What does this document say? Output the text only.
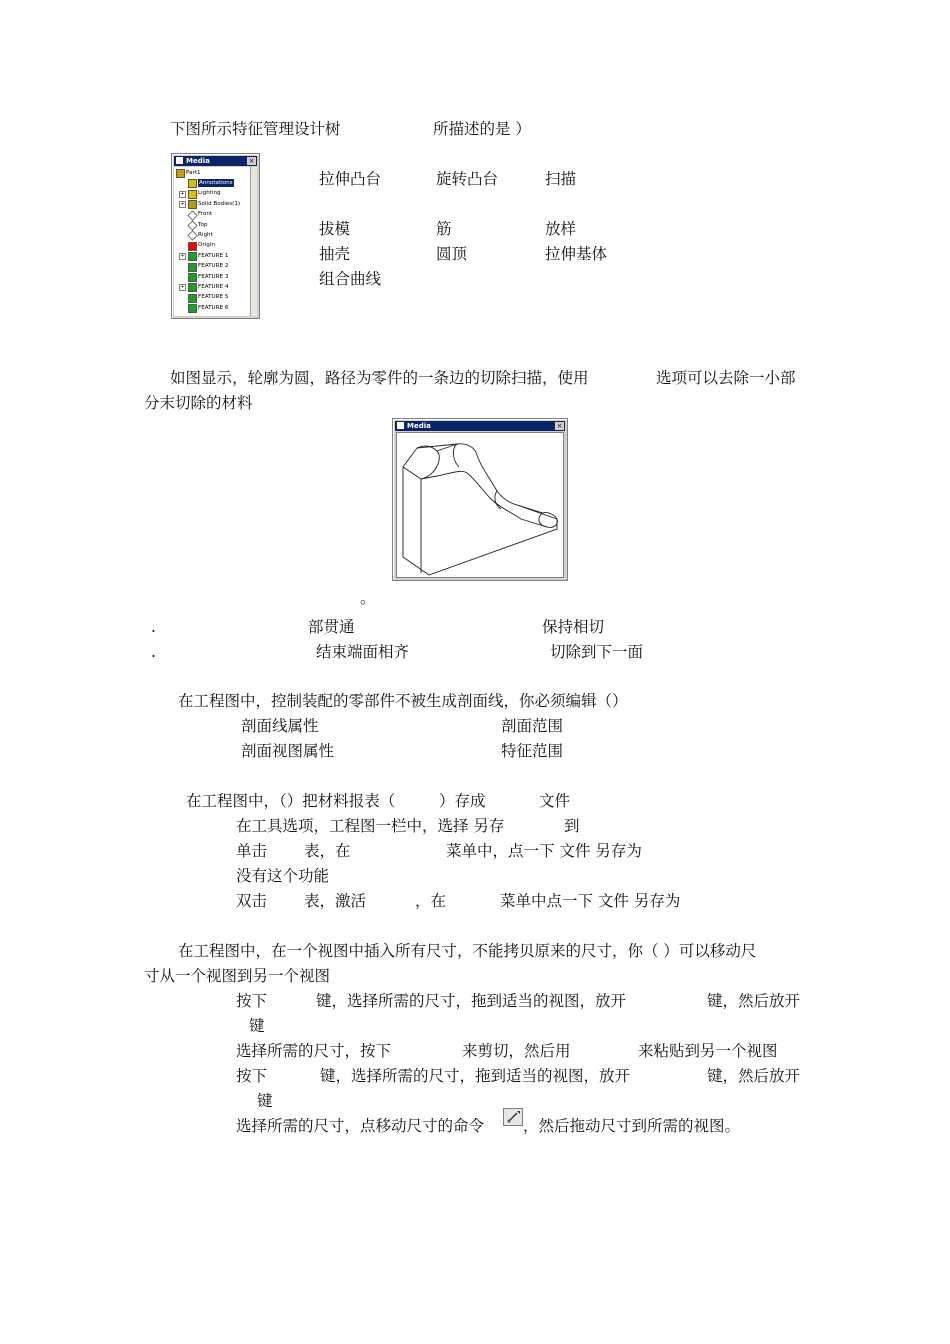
下图所示特征管理设计树	所描述的是 ）
Media	×
Part1
Annotations
+ Lighting
+ Solid Bodies(1)
Front
Top
Right
Origin
+ FEATURE 1
FEATURE 2
FEATURE 3
+ FEATURE 4
FEATURE 5
FEATURE 6
拉伸凸台	旋转凸台	扫描
拔模	筋	放样
抽壳	圆顶	拉伸基体
组合曲线
如图显示，轮廓为圆，路径为零件的一条边的切除扫描，使用	选项可以去除一小部
分末切除的材料
Media	×
。
.	部贯通	保持相切
.	结束端面相齐	切除到下一面
在工程图中，控制装配的零部件不被生成剖面线，你必须编辑（）
剖面线属性	剖面范围
剖面视图属性	特征范围
在工程图中，（）把材料报表（	）存成	文件
在工具选项，工程图一栏中，选择 另存	到
单击 表，在	菜单中，点一下 文件 另存为
没有这个功能
双击 表，激活	，在	菜单中点一下 文件 另存为
在工程图中，在一个视图中插入所有尺寸，不能拷贝原来的尺寸，你（ ）可以移动尺
寸从一个视图到另一个视图
按下	键，选择所需的尺寸，拖到适当的视图，放开	键，然后放开
键
选择所需的尺寸，按下	来剪切，然后用	来粘贴到另一个视图
按下	键，选择所需的尺寸，拖到适当的视图，放开	键，然后放开
键
选择所需的尺寸，点移动尺寸的命令	，然后拖动尺寸到所需的视图。
